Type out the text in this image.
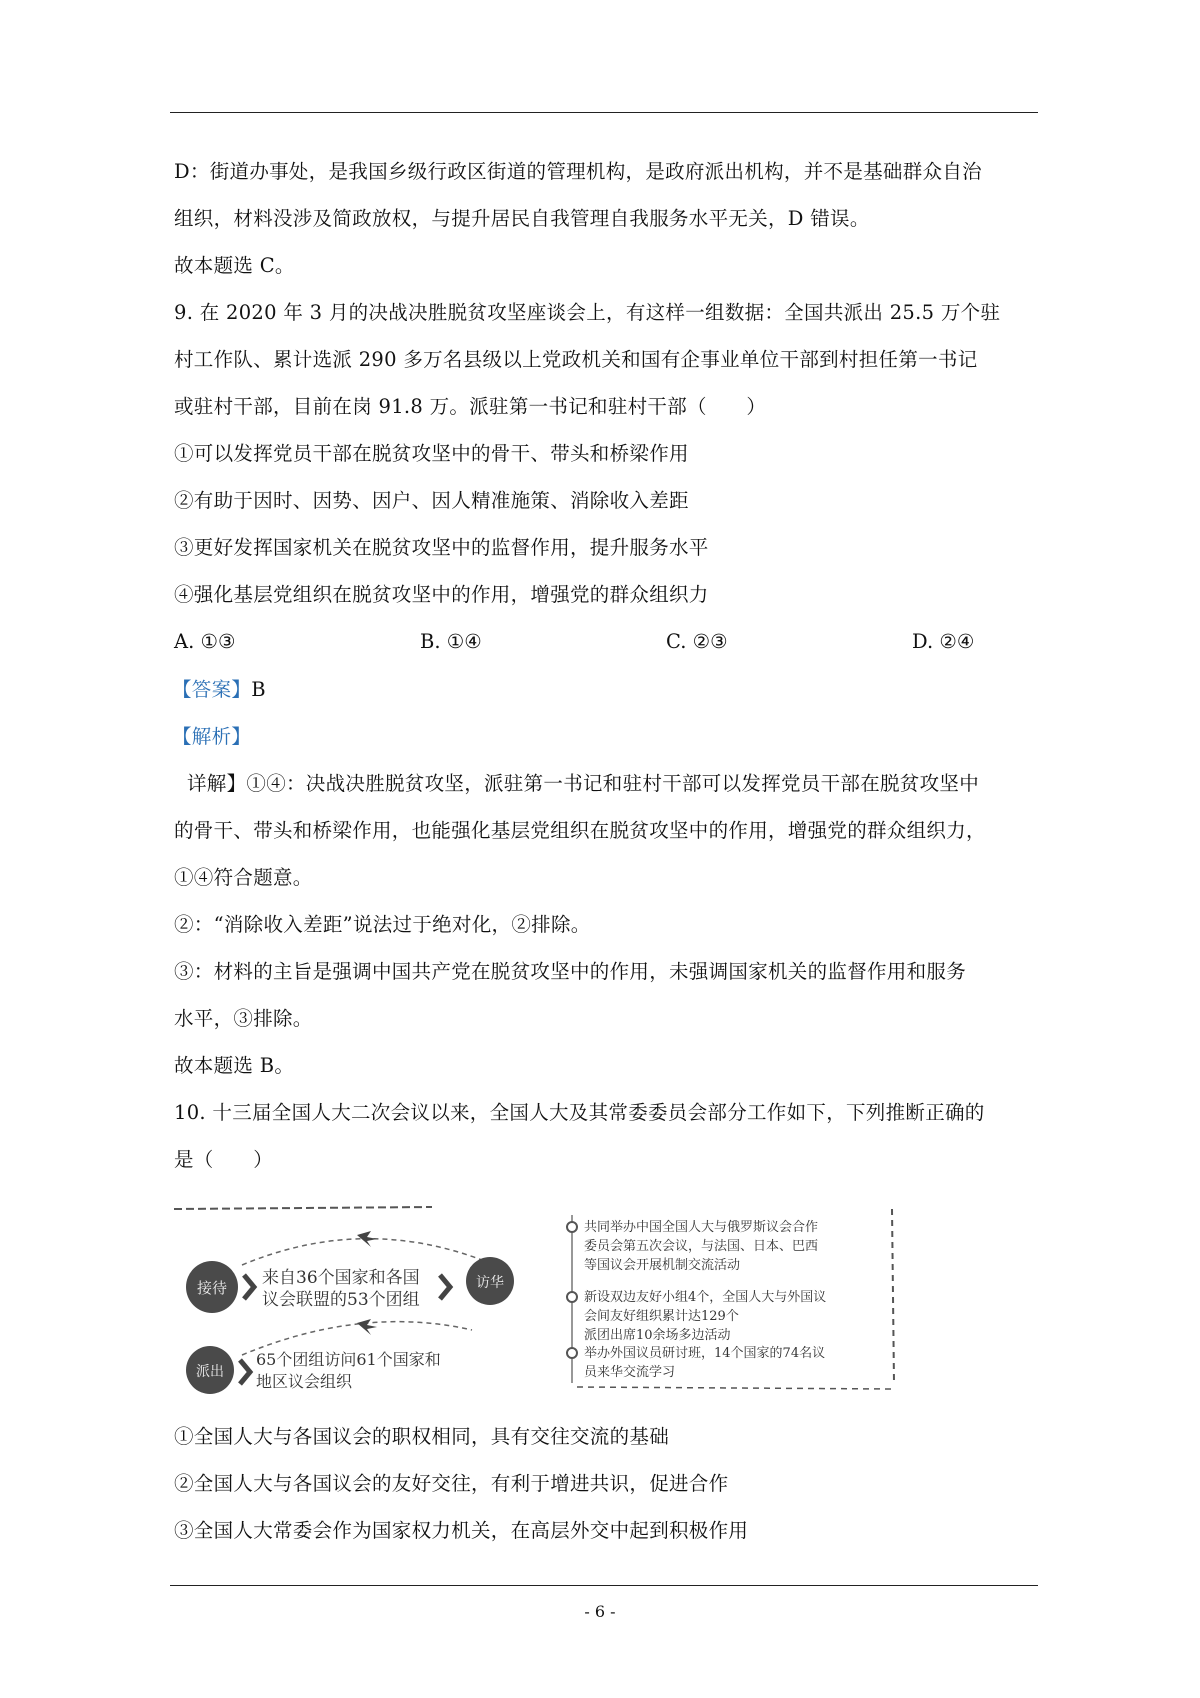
D：街道办事处，是我国乡级行政区街道的管理机构，是政府派出机构，并不是基础群众自治
组织，材料没涉及简政放权，与提升居民自我管理自我服务水平无关，D 错误。
故本题选 C。
9. 在 2020 年 3 月的决战决胜脱贫攻坚座谈会上，有这样一组数据：全国共派出 25.5 万个驻
村工作队、累计选派 290 多万名县级以上党政机关和国有企事业单位干部到村担任第一书记
或驻村干部，目前在岗 91.8 万。派驻第一书记和驻村干部（　　）
①可以发挥党员干部在脱贫攻坚中的骨干、带头和桥梁作用
②有助于因时、因势、因户、因人精准施策、消除收入差距
③更好发挥国家机关在脱贫攻坚中的监督作用，提升服务水平
④强化基层党组织在脱贫攻坚中的作用，增强党的群众组织力
A. ①③	B. ①④	C. ②③	D. ②④
【答案】B
【解析】
详解】①④：决战决胜脱贫攻坚，派驻第一书记和驻村干部可以发挥党员干部在脱贫攻坚中
的骨干、带头和桥梁作用，也能强化基层党组织在脱贫攻坚中的作用，增强党的群众组织力，
①④符合题意。
②：“消除收入差距”说法过于绝对化，②排除。
③：材料的主旨是强调中国共产党在脱贫攻坚中的作用，未强调国家机关的监督作用和服务
水平，③排除。
故本题选 B。
10. 十三届全国人大二次会议以来，全国人大及其常委委员会部分工作如下，下列推断正确的
是（　　）
接待 来自36个国家和各国
议会联盟的53个团组
访华
派出
65个团组访问61个国家和
地区议会组织
共同举办中国全国人大与俄罗斯议会合作
委员会第五次会议，与法国、日本、巴西
等国议会开展机制交流活动
新设双边友好小组4个，全国人大与外国议
会间友好组织累计达129个
派团出席10余场多边活动
举办外国议员研讨班，14个国家的74名议
员来华交流学习
①全国人大与各国议会的职权相同，具有交往交流的基础
②全国人大与各国议会的友好交往，有利于增进共识，促进合作
③全国人大常委会作为国家权力机关，在高层外交中起到积极作用
- 6 -
